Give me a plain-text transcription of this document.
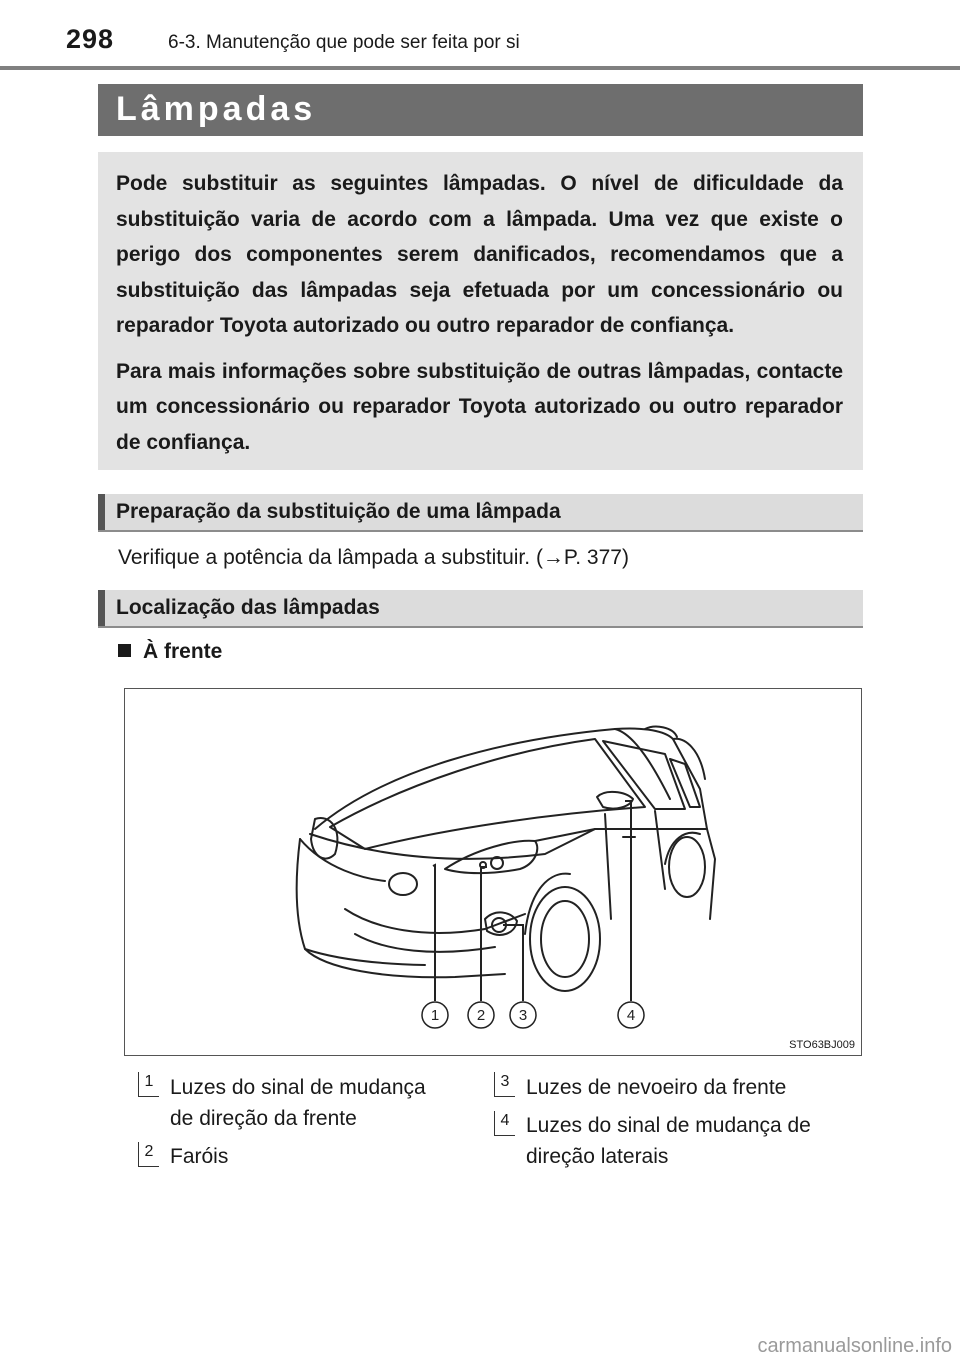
298	6-3. Manutenção que pode ser feita por si
Lâmpadas

Pode substituir as seguintes lâmpadas. O nível de dificuldade da substituição varia de acordo com a lâmpada. Uma vez que existe o perigo dos componentes serem danificados, recomendamos que a substituição das lâmpadas seja efetuada por um concessionário ou reparador Toyota autorizado ou outro reparador de confiança.

Para mais informações sobre substituição de outras lâmpadas, contacte um concessionário ou reparador Toyota autorizado ou outro reparador de confiança.

Preparação da substituição de uma lâmpada
Verifique a potência da lâmpada a substituir. (→P. 377)
Localização das lâmpadas
À frente
1	2 3	4
STO63BJ009
1 Luzes do sinal de mudança
de direção da frente
2 Faróis
3 Luzes de nevoeiro da frente
4 Luzes do sinal de mudança de
direção laterais
carmanualsonline.info
